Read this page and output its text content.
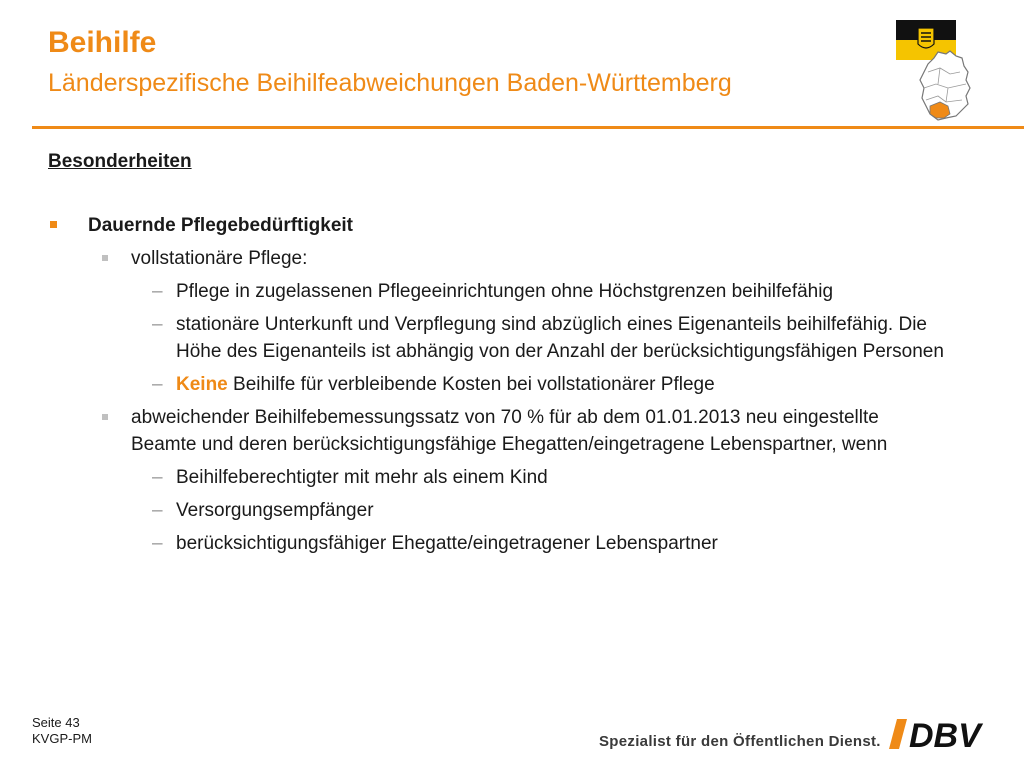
Beihilfe
Länderspezifische Beihilfeabweichungen Baden-Württemberg
Besonderheiten
Dauernde Pflegebedürftigkeit
vollstationäre Pflege:
– Pflege in zugelassenen Pflegeeinrichtungen ohne Höchstgrenzen beihilfefähig
– stationäre Unterkunft und Verpflegung sind abzüglich eines Eigenanteils beihilfefähig. Die Höhe des Eigenanteils ist abhängig von der Anzahl der berücksichtigungsfähigen Personen
– Keine Beihilfe für verbleibende Kosten bei vollstationärer Pflege
abweichender Beihilfebemessungssatz von 70 % für ab dem 01.01.2013 neu eingestellte Beamte und deren berücksichtigungsfähige Ehegatten/eingetragene Lebenspartner, wenn
– Beihilfeberechtigter mit mehr als einem Kind
– Versorgungsempfänger
– berücksichtigungsfähiger Ehegatte/eingetragener Lebenspartner
Seite 43
KVGP-PM	Spezialist für den Öffentlichen Dienst. DBV
